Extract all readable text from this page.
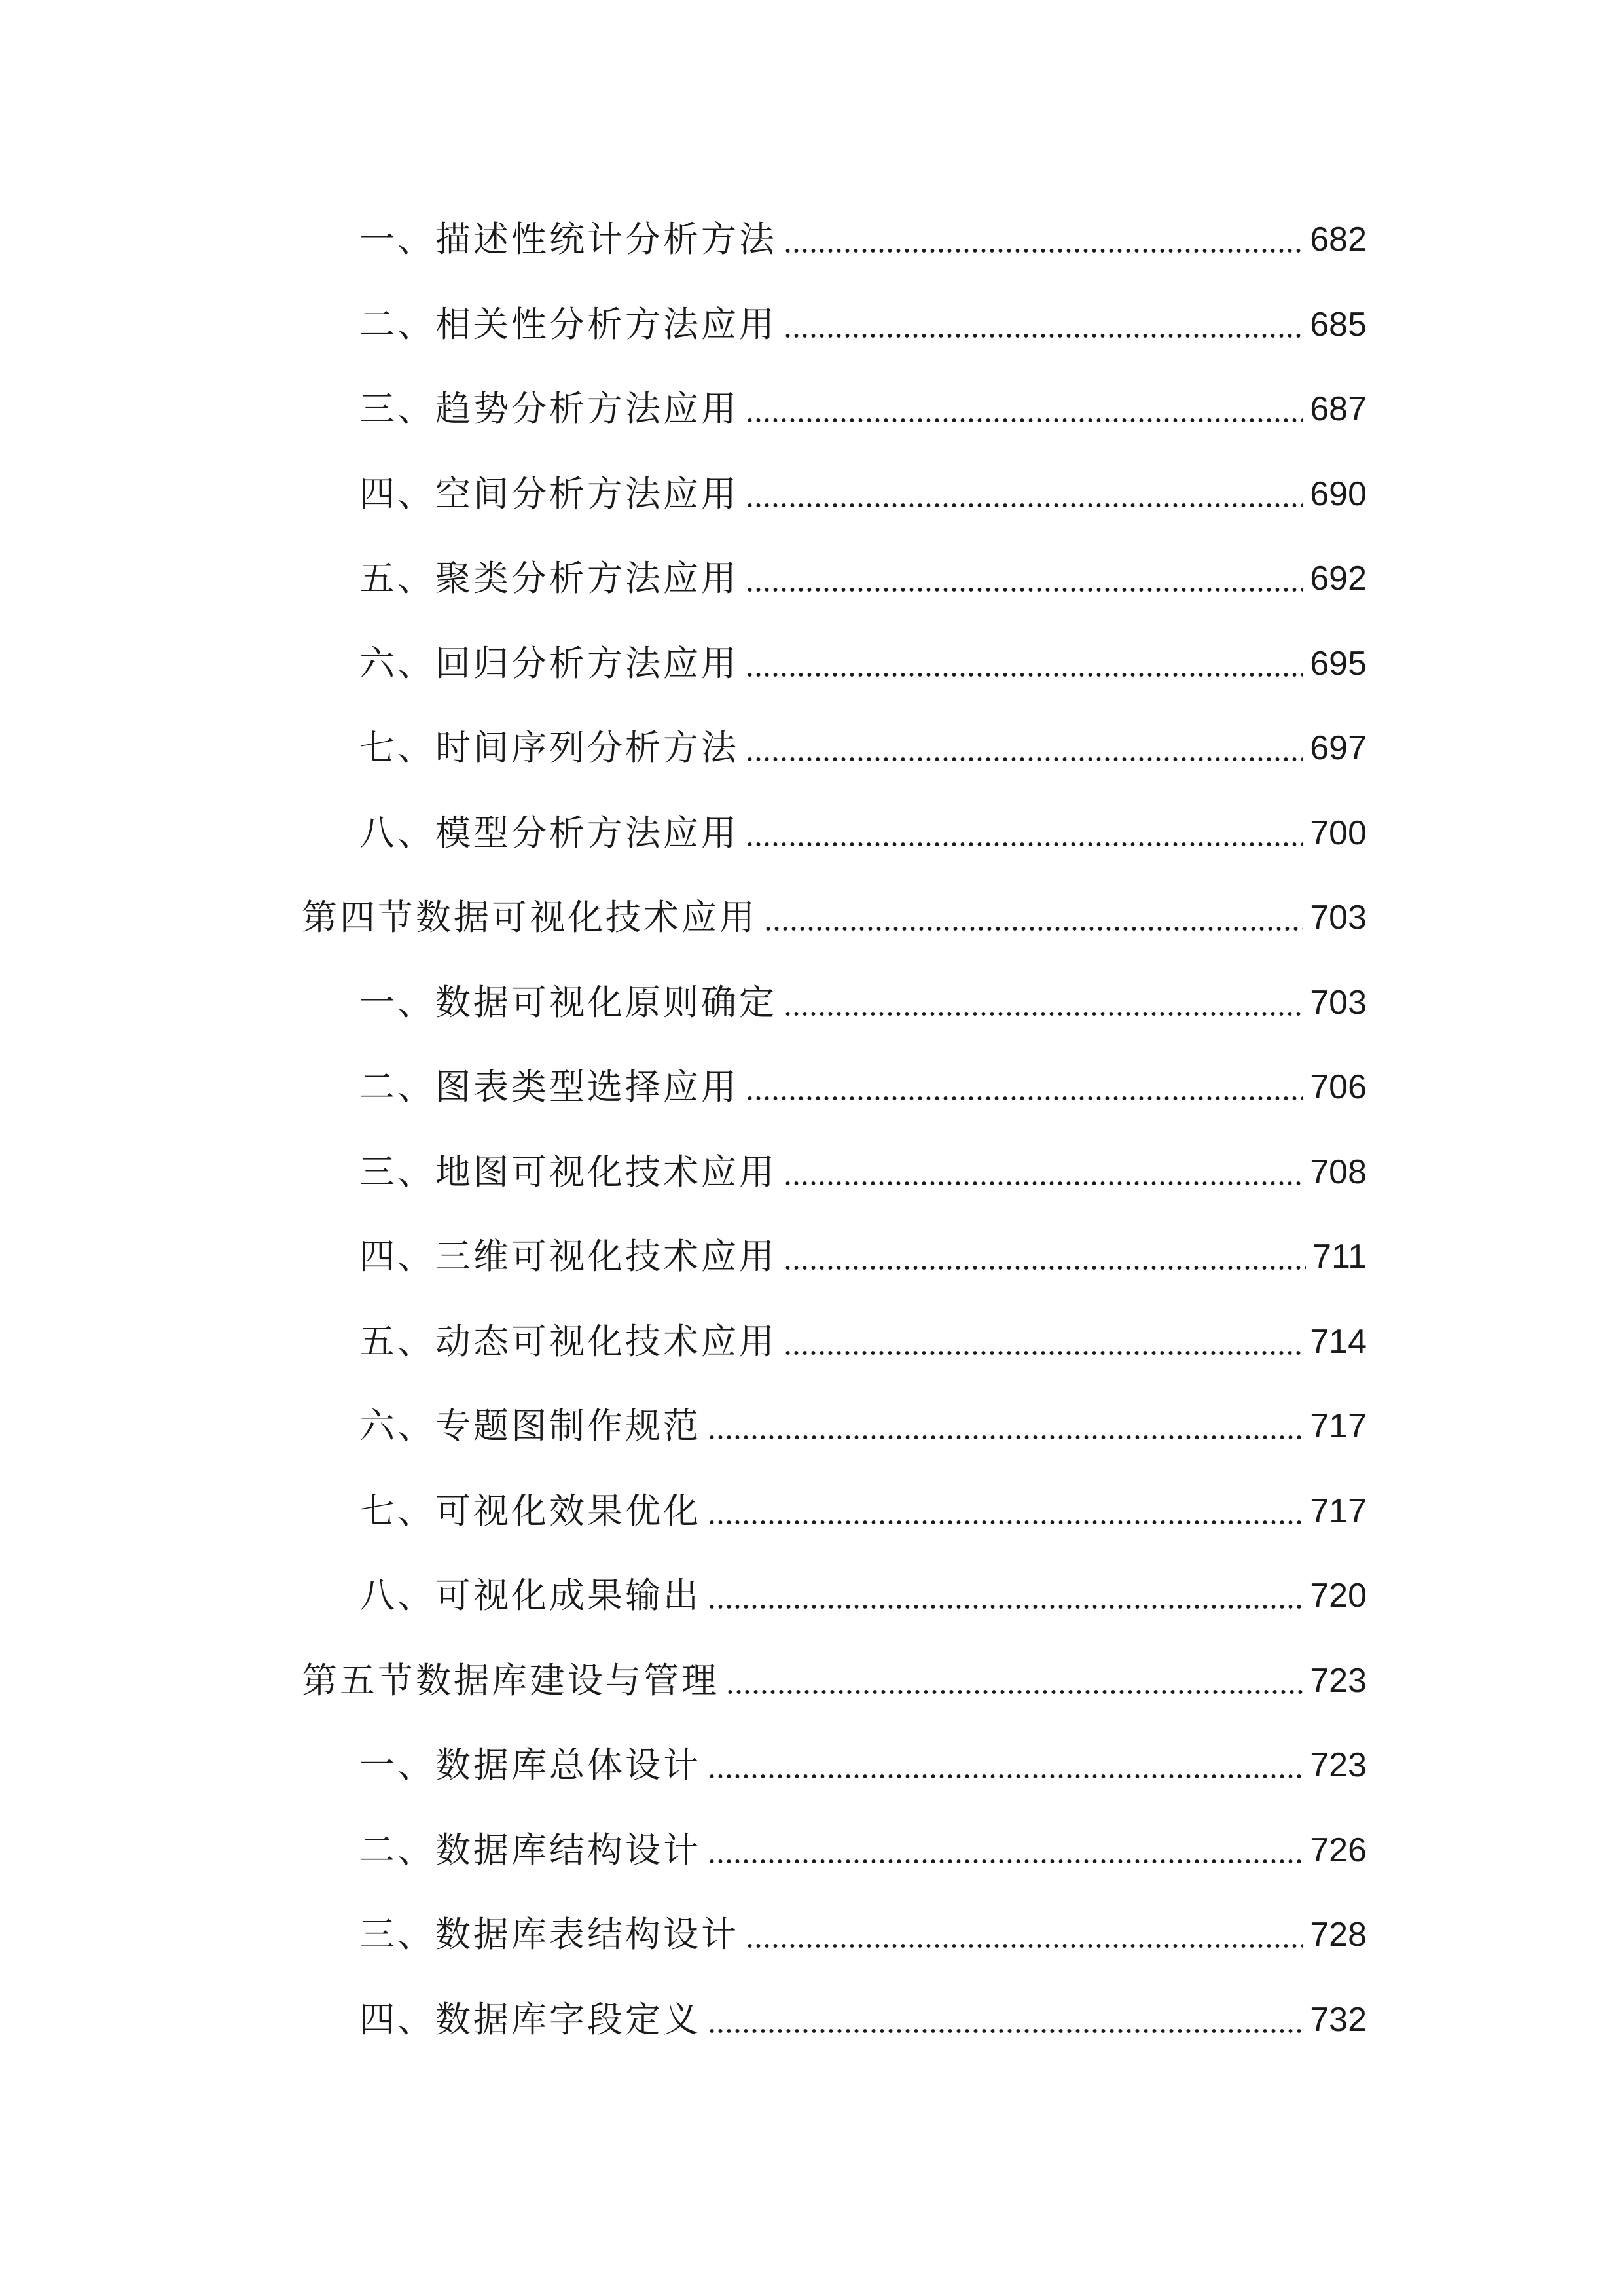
一、描述性统计分析方法	682
二、相关性分析方法应用	685
三、趋势分析方法应用	687
四、空间分析方法应用	690
五、聚类分析方法应用	692
六、回归分析方法应用	695
七、时间序列分析方法	697
八、模型分析方法应用	700
第四节数据可视化技术应用	703
一、数据可视化原则确定	703
二、图表类型选择应用	706
三、地图可视化技术应用	708
四、三维可视化技术应用	711
五、动态可视化技术应用	714
六、专题图制作规范	717
七、可视化效果优化	717
八、可视化成果输出	720
第五节数据库建设与管理	723
一、数据库总体设计	723
二、数据库结构设计	726
三、数据库表结构设计	728
四、数据库字段定义	732
